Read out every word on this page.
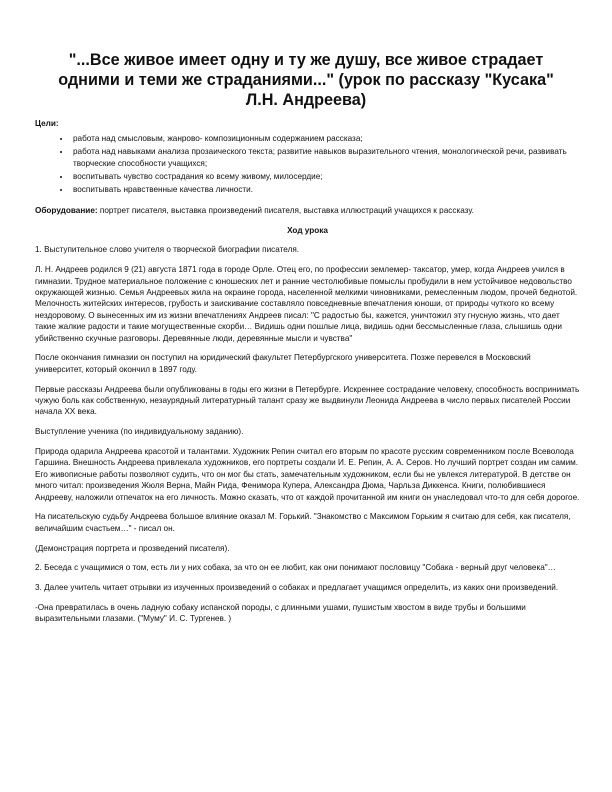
"...Все живое имеет одну и ту же душу, все живое страдает одними и теми же страданиями..." (урок по рассказу "Кусака" Л.Н. Андреева)
Цели:
• работа над смысловым, жанрово- композиционным содержанием рассказа;
• работа над навыками анализа прозаического текста; развитие навыков выразительного чтения, монологической речи, развивать творческие способности учащихся;
• воспитывать чувство сострадания ко всему живому, милосердие;
• воспитывать нравственные качества личности.

Оборудование: портрет писателя, выставка произведений писателя, выставка иллюстраций учащихся к рассказу.

Ход урока

1. Выступительное слово учителя о творческой биографии писателя.

Л. Н. Андреев родился 9 (21) августа 1871 года в городе Орле. Отец его, по профессии землемер- таксатор, умер, когда Андреев учился в гимназии. Трудное материальное положение с юношеских лет и ранние честолюбивые помыслы пробудили в нем устойчивое недовольство окружающей жизнью. Семья Андреевых жила на окраине города, населенной мелкими чиновниками, ремесленным людом, прочей беднотой. Мелочность житейских интересов, грубость и заискивание составляло повседневные впечатления юноши, от природы чуткого ко всему нездоровому. О вынесенных им из жизни впечатлениях Андреев писал: "С радостью бы, кажется, уничтожил эту гнусную жизнь, что дает такие жалкие радости и такие могущественные скорби… Видишь одни пошлые лица, видишь одни бессмысленные глаза, слышишь одни убийственно скучные разговоры. Деревянные люди, деревянные мысли и чувства"

После окончания гимназии он поступил на юридический факультет Петербургского университета. Позже перевелся в Московский университет, который окончил в 1897 году.

Первые рассказы Андреева были опубликованы в годы его жизни в Петербурге. Искреннее сострадание человеку, способность воспринимать чужую боль как собственную, незаурядный литературный талант сразу же выдвинули Леонида Андреева в число первых писателей России начала XX века.

Выступление ученика (по индивидуальному заданию).

Природа одарила Андреева красотой и талантами. Художник Репин считал его вторым по красоте русским современником после Всеволода Гаршина. Внешность Андреева привлекала художников, его портреты создали И. Е. Репин, А. А. Серов. Но лучший портрет создан им самим. Его живописные работы позволяют судить, что он мог бы стать, замечательным художником, если бы не увлекся литературой. В детстве он много читал: произведения Жюля Верна, Майн Рида, Фенимора Купера, Александра Дюма, Чарльза Диккенса. Книги, полюбившиеся Андрееву, наложили отпечаток на его личность. Можно сказать, что от каждой прочитанной им книги он унаследовал что-то для себя дорогое.

На писательскую судьбу Андреева большое влияние оказал М. Горький. "Знакомство с Максимом Горьким я считаю для себя, как писателя, величайшим счастьем…" - писал он.

(Демонстрация портрета и прозведений писателя).

2. Беседа с учащимися о том, есть ли у них собака, за что он ее любит, как они понимают пословицу "Собака - верный друг человека"…

3. Далее учитель читает отрывки из изученных произведений о собаках и предлагает учащимся определить, из каких они произведений.

-Она превратилась в очень ладную собаку испанской породы, с длинными ушами, пушистым хвостом в виде трубы и большими выразительными глазами. ("Муму" И. С. Тургенев. )
